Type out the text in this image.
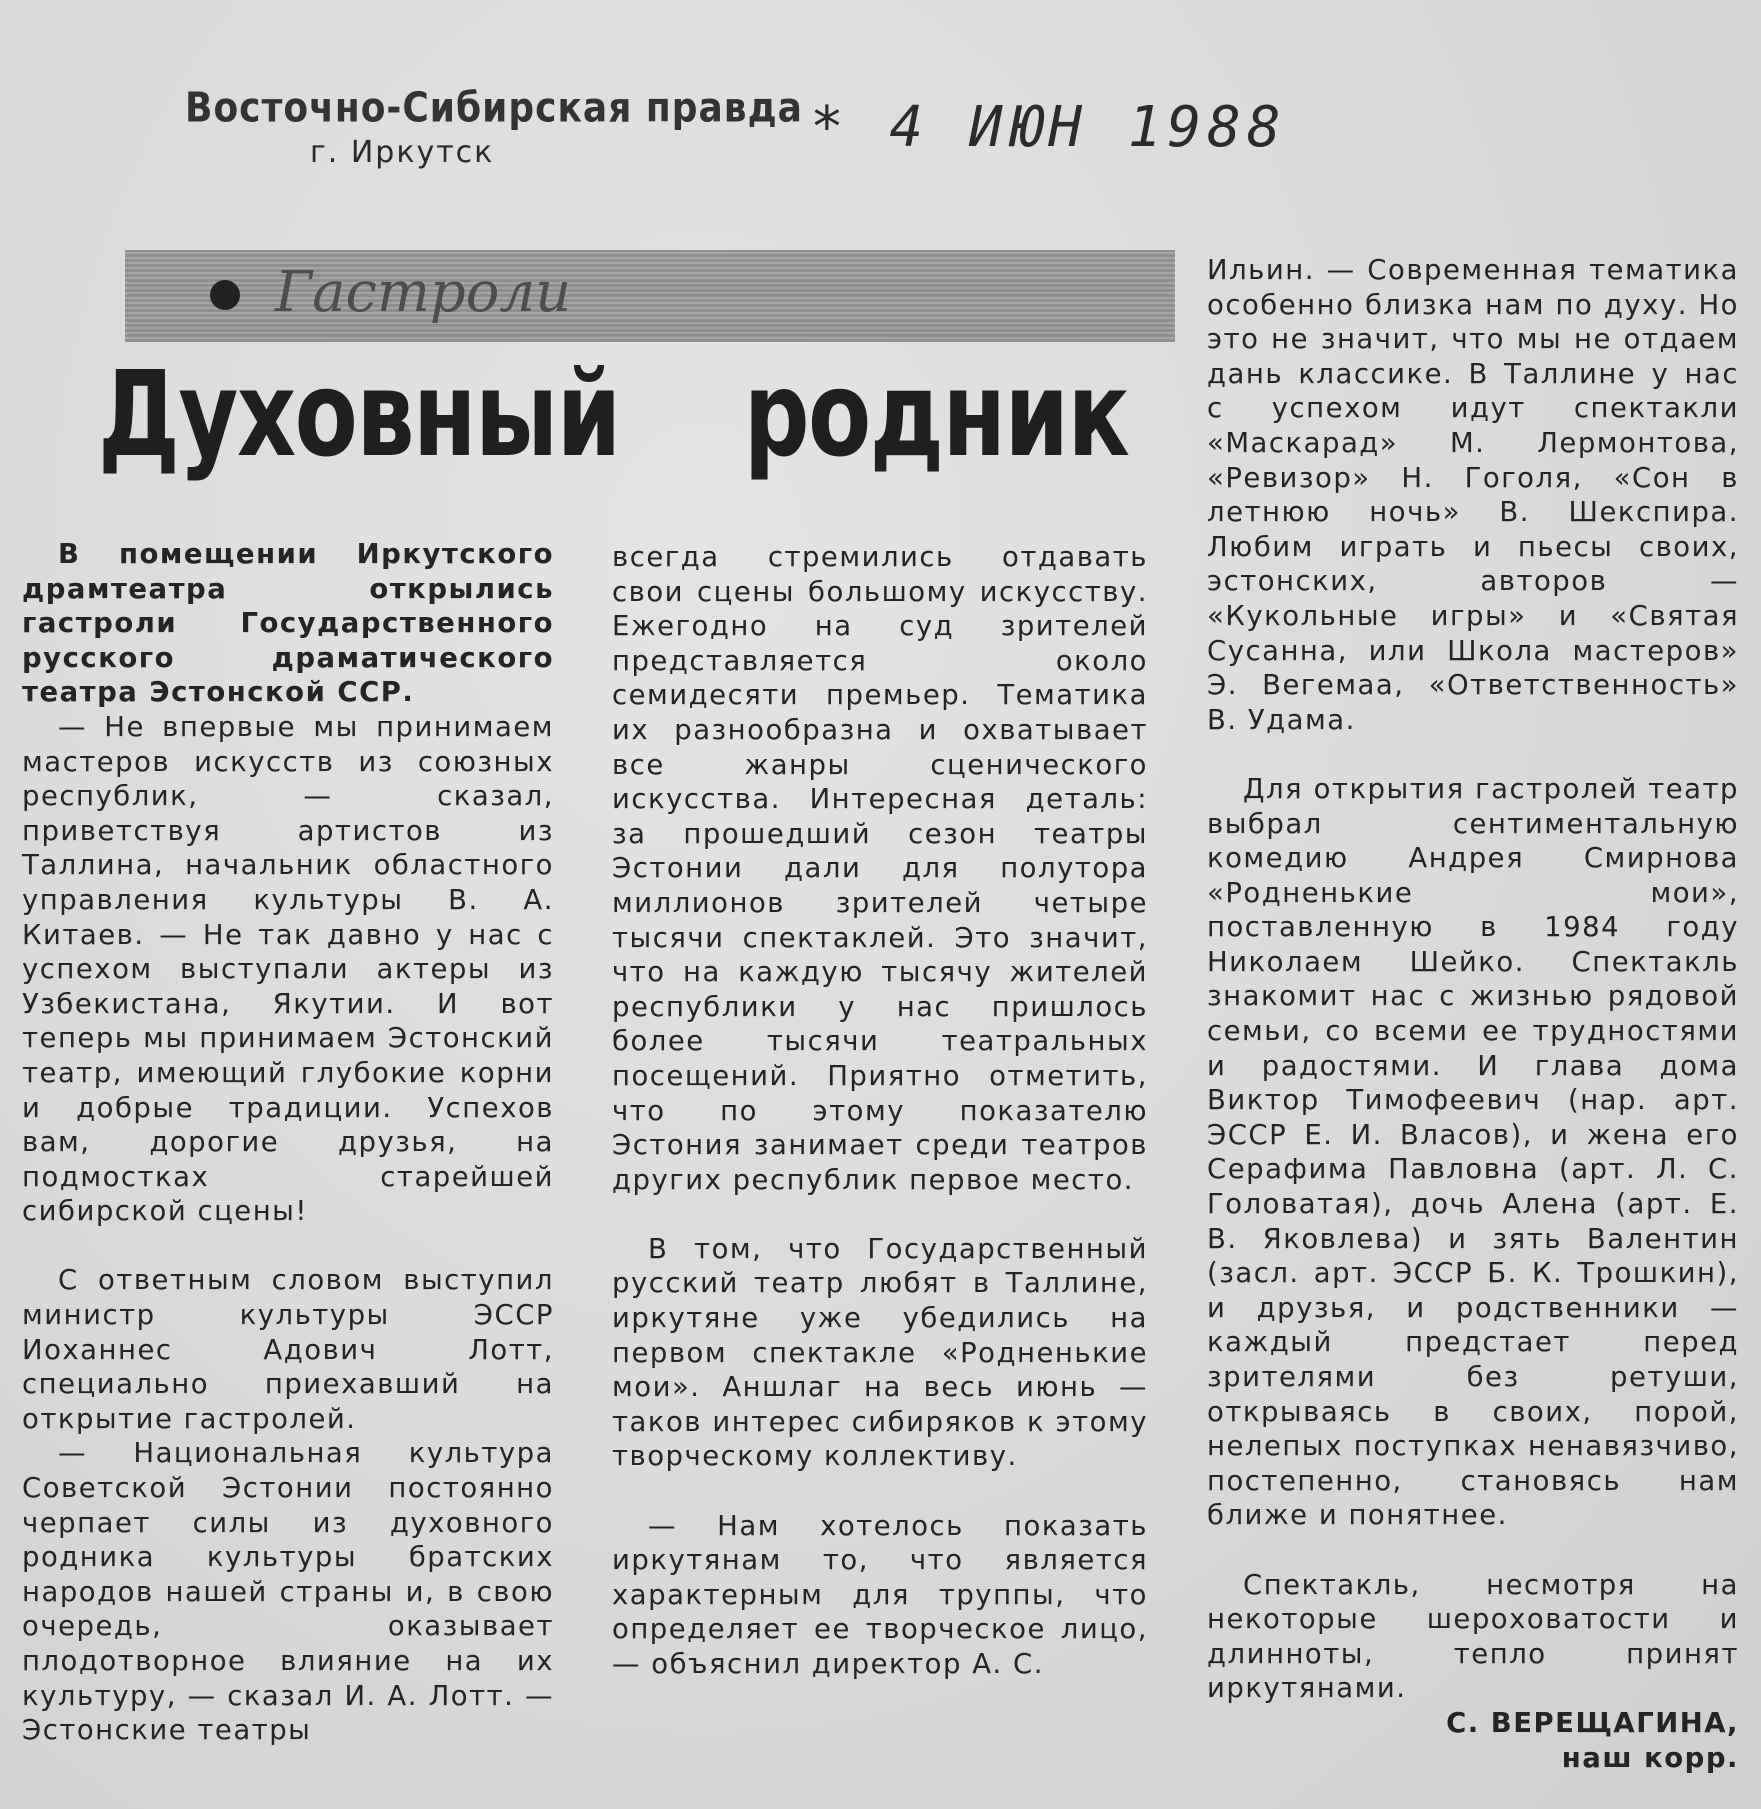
Восточно-Сибирская правда
г. Иркутск	* 4 ИЮН 1988
Гастроли
Духовный родник

В помещении Иркутского драмтеатра открылись гастроли Государственного русского драматического театра Эстонской ССР.

— Не впервые мы принимаем мастеров искусств из союзных республик, — сказал, приветствуя артистов из Таллина, начальник областного управления культуры В. А. Китаев. — Не так давно у нас с успехом выступали актеры из Узбекистана, Якутии. И вот теперь мы принимаем Эстонский театр, имеющий глубокие корни и добрые традиции. Успехов вам, дорогие друзья, на подмостках старейшей сибирской сцены!

С ответным словом выступил министр культуры ЭССР Иоханнес Адович Лотт, специально приехавший на открытие гастролей.

— Национальная культура Советской Эстонии постоянно черпает силы из духовного родника культуры братских народов нашей страны и, в свою очередь, оказывает плодотворное влияние на их культуру, — сказал И. А. Лотт. — Эстонские театры

всегда стремились отдавать свои сцены большому искусству. Ежегодно на суд зрителей представляется около семидесяти премьер. Тематика их разнообразна и охватывает все жанры сценического искусства. Интересная деталь: за прошедший сезон театры Эстонии дали для полутора миллионов зрителей четыре тысячи спектаклей. Это значит, что на каждую тысячу жителей республики у нас пришлось более тысячи театральных посещений. Приятно отметить, что по этому показателю Эстония занимает среди театров других республик первое место.

В том, что Государственный русский театр любят в Таллине, иркутяне уже убедились на первом спектакле «Родненькие мои». Аншлаг на весь июнь — таков интерес сибиряков к этому творческому коллективу.

— Нам хотелось показать иркутянам то, что является характерным для труппы, что определяет ее творческое лицо, — объяснил директор А. С.

Ильин. — Современная тематика особенно близка нам по духу. Но это не значит, что мы не отдаем дань классике. В Таллине у нас с успехом идут спектакли «Маскарад» М. Лермонтова, «Ревизор» Н. Гоголя, «Сон в летнюю ночь» В. Шекспира. Любим играть и пьесы своих, эстонских, авторов — «Кукольные игры» и «Святая Сусанна, или Школа мастеров» Э. Вегемаа, «Ответственность» В. Удама.

Для открытия гастролей театр выбрал сентиментальную комедию Андрея Смирнова «Родненькие мои», поставленную в 1984 году Николаем Шейко. Спектакль знакомит нас с жизнью рядовой семьи, со всеми ее трудностями и радостями. И глава дома Виктор Тимофеевич (нар. арт. ЭССР Е. И. Власов), и жена его Серафима Павловна (арт. Л. С. Головатая), дочь Алена (арт. Е. В. Яковлева) и зять Валентин (засл. арт. ЭССР Б. К. Трошкин), и друзья, и родственники — каждый предстает перед зрителями без ретуши, открываясь в своих, порой, нелепых поступках ненавязчиво, постепенно, становясь нам ближе и понятнее.

Спектакль, несмотря на некоторые шероховатости и длинноты, тепло принят иркутянами.

С. ВЕРЕЩАГИНА,

наш корр.
